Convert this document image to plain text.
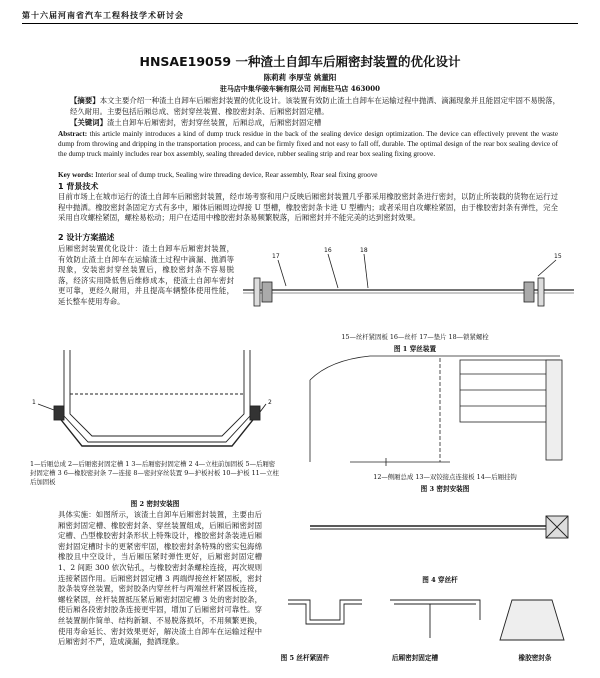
第十六届河南省汽车工程科技学术研讨会
HNSAE19059 一种渣土自卸车后厢密封装置的优化设计
陈莉莉 李厚莹 姚董阳
驻马店中集华骏车辆有限公司 河南驻马店 463000
【摘要】本文主要介绍一种渣土自卸车后厢密封装置的优化设计。该装置有效防止渣土自卸车在运输过程中抛洒、滴漏现象并且能固定牢固不易脱落，经久耐用。主要包括后厢总成、密封穿丝装置、橡胶密封条、后厢密封固定槽。
【关键词】渣土自卸车后厢密封，密封穿丝装置，后厢总成，后厢密封固定槽
Abstract: this article mainly introduces a kind of dump truck residue in the back of the sealing device design optimization. The device can effectively prevent the waste dump from throwing and dripping in the transportation process, and can be firmly fixed and not easy to fall off, durable. The optimal design of the rear box sealing device of the dump truck mainly includes rear box assembly, sealing threaded device, rubber sealing strip and rear box sealing fixing groove.
Key words: Interior seal of dump truck, Sealing wire threading device, Rear assembly, Rear seal fixing groove
1 背景技术
目前市场上在城市运行的渣土自卸车后厢密封装置，经市场考察和用户反映后厢密封装置几乎都采用橡胶密封条进行密封，以防止所装载的货物在运行过程中抛洒。橡胶密封条固定方式有多中，厢体后厢周边焊接 U 型槽，橡胶密封条卡进 U 型槽内；或者采用自攻螺栓紧固，由于橡胶密封条有弹性，完全采用自攻螺栓紧固，螺栓易松动；用户在适用中橡胶密封条易频繁脱落，后厢密封并不能完美的达到密封效果。
2 设计方案描述
后厢密封装置优化设计：渣土自卸车后厢密封装置，有效防止渣土自卸车在运输渣土过程中滴漏、抛洒等现象，安装密封穿丝装置后，橡胶密封条不容易脱落，经济实用降低售后维修成本，使渣土自卸车密封更可靠，更经久耐用，并且提高车辆整体使用性能，延长整车使用寿命。
17
16	18
15
15—丝杆紧固板 16—丝杆 17—垫片 18—锁紧螺栓
图 1 穿丝装置
1	2
1—后厢总成 2—后厢密封固定槽 1 3—后厢密封固定槽 2 4—立柱前加固板 5—后厢密封固定槽 3 6—橡胶密封条 7—连接 8—密封穿丝装置 9—护板衬板 10—护板 11—立柱后加固板
图 2 密封安装图
12—侧厢总成 13—双铰接点连接板 14—后厢挂钩
图 3 密封安装图
具体实施：如图所示，该渣土自卸车后厢密封装置，主要由后厢密封固定槽、橡胶密封条、穿丝装置组成，后厢后厢密封固定槽、凸型橡胶密封条形状上特殊设计，橡胶密封条装进后厢密封固定槽时卡的更紧密牢固，橡胶密封条特殊的密实包海绵橡胶且中空设计，当后厢压紧时弹性更好，后厢密封固定槽 1、2 间距 300 依次钻孔，与橡胶密封条螺栓连接，再次规则连接紧固作用。后厢密封固定槽 3 两端焊接丝杆紧固板，密封胶条装穿丝装置，密封胶条内穿丝杆与两端丝杆紧固板连接，螺栓紧固，丝杆装置抵压紧后厢密封固定槽 3 处的密封胶条，使后厢各段密封胶条连接更牢固，增加了后厢密封可靠性。穿丝装置制作简单、结构新颖、不易脱落损坏，不用频繁更换，使用寿命延长、密封效果更好，解决渣土自卸车在运输过程中后厢密封不严，造成滴漏，抛洒现象。
图 4 穿丝杆
图 5 丝杆紧固件	后厢密封固定槽	橡胶密封条
